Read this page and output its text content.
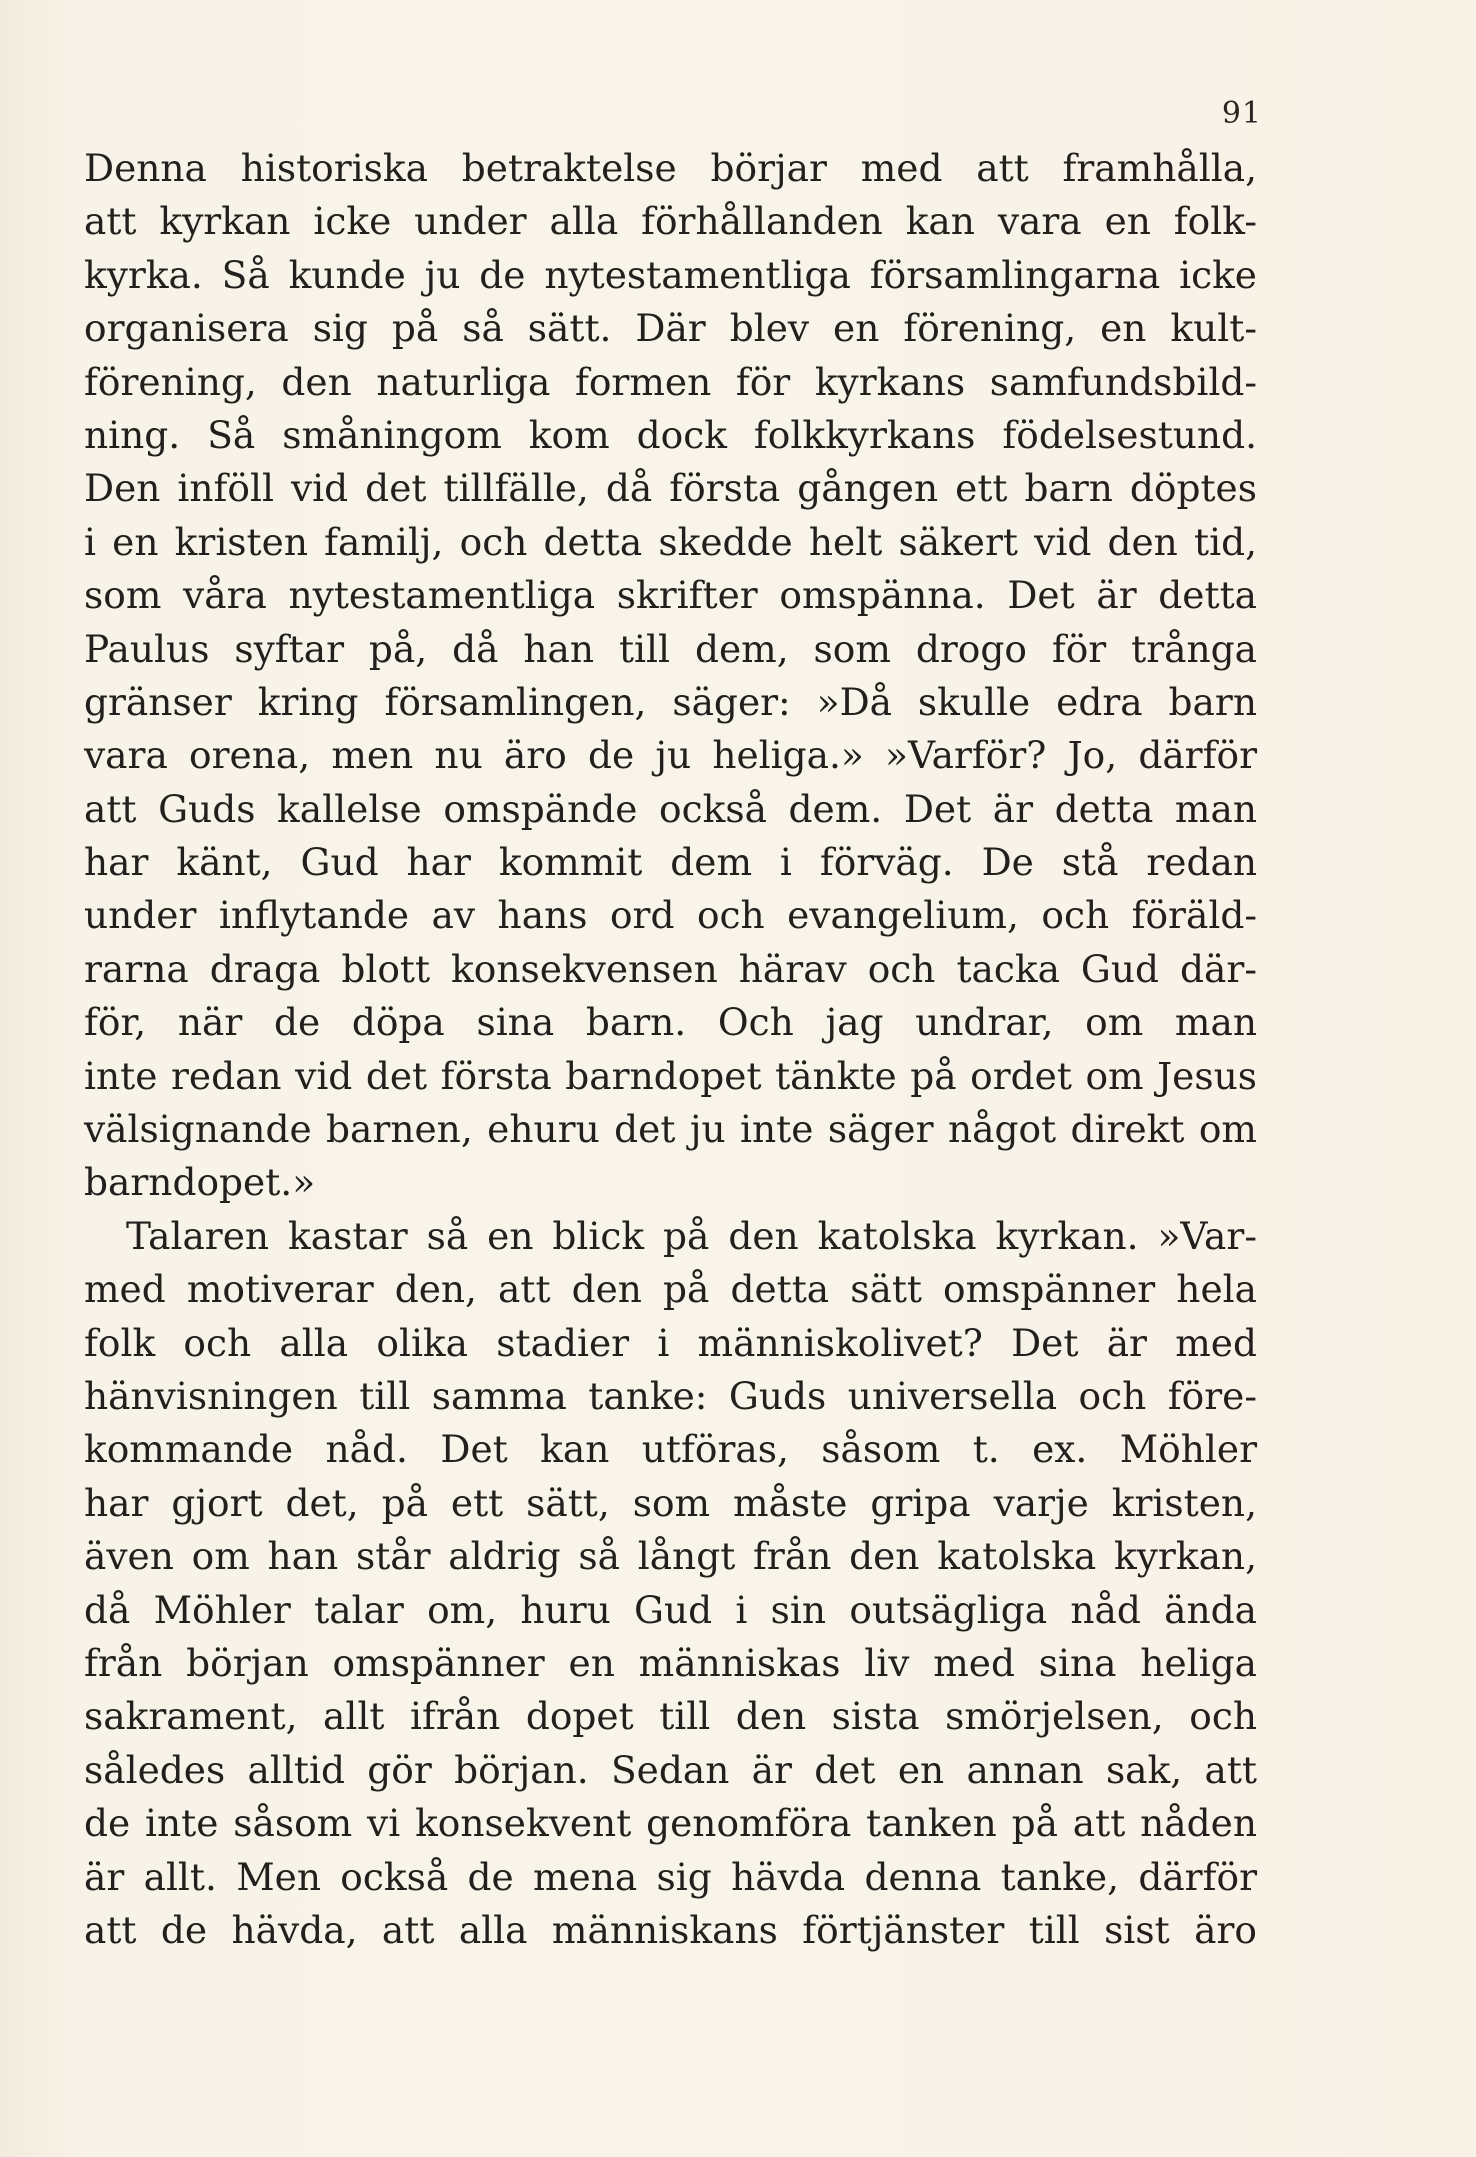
91
Denna historiska betraktelse börjar med att framhålla,
att kyrkan icke under alla förhållanden kan vara en folk-
kyrka. Så kunde ju de nytestamentliga församlingarna icke
organisera sig på så sätt. Där blev en förening, en kult-
förening, den naturliga formen för kyrkans samfundsbild-
ning. Så småningom kom dock folkkyrkans födelsestund.
Den inföll vid det tillfälle, då första gången ett barn döptes
i en kristen familj, och detta skedde helt säkert vid den tid,
som våra nytestamentliga skrifter omspänna. Det är detta
Paulus syftar på, då han till dem, som drogo för trånga
gränser kring församlingen, säger: »Då skulle edra barn
vara orena, men nu äro de ju heliga.» »Varför? Jo, därför
att Guds kallelse omspände också dem. Det är detta man
har känt, Gud har kommit dem i förväg. De stå redan
under inflytande av hans ord och evangelium, och föräld-
rarna draga blott konsekvensen härav och tacka Gud där-
för, när de döpa sina barn. Och jag undrar, om man
inte redan vid det första barndopet tänkte på ordet om Jesus
välsignande barnen, ehuru det ju inte säger något direkt om
barndopet.»
Talaren kastar så en blick på den katolska kyrkan. »Var-
med motiverar den, att den på detta sätt omspänner hela
folk och alla olika stadier i människolivet? Det är med
hänvisningen till samma tanke: Guds universella och före-
kommande nåd. Det kan utföras, såsom t. ex. Möhler
har gjort det, på ett sätt, som måste gripa varje kristen,
även om han står aldrig så långt från den katolska kyrkan,
då Möhler talar om, huru Gud i sin outsägliga nåd ända
från början omspänner en människas liv med sina heliga
sakrament, allt ifrån dopet till den sista smörjelsen, och
således alltid gör början. Sedan är det en annan sak, att
de inte såsom vi konsekvent genomföra tanken på att nåden
är allt. Men också de mena sig hävda denna tanke, därför
att de hävda, att alla människans förtjänster till sist äro
